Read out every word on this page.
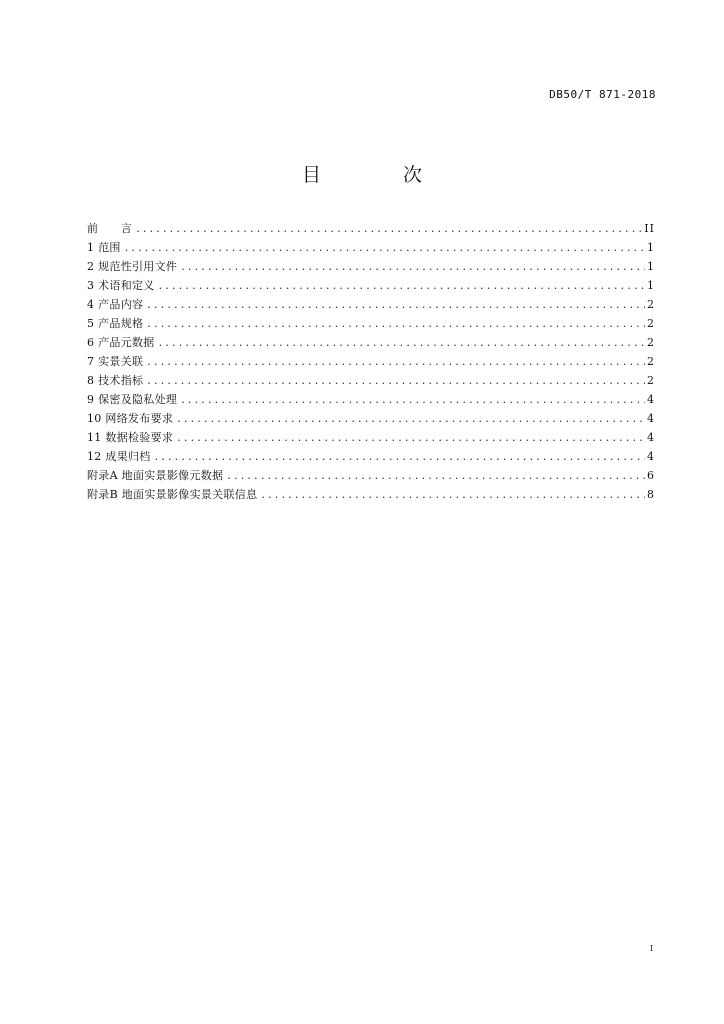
DB50/T 871-2018
目 次
前　　言 .....	II
1 范围 .....	1
2 规范性引用文件 .....	1
3 术语和定义 .....	1
4 产品内容 .....	2
5 产品规格 .....	2
6 产品元数据 .....	2
7 实景关联 .....	2
8 技术指标 .....	2
9 保密及隐私处理 .....	4
10 网络发布要求 .....	4
11 数据检验要求 .....	4
12 成果归档 .....	4
附录A 地面实景影像元数据 .....	6
附录B 地面实景影像实景关联信息 .....	8
I
